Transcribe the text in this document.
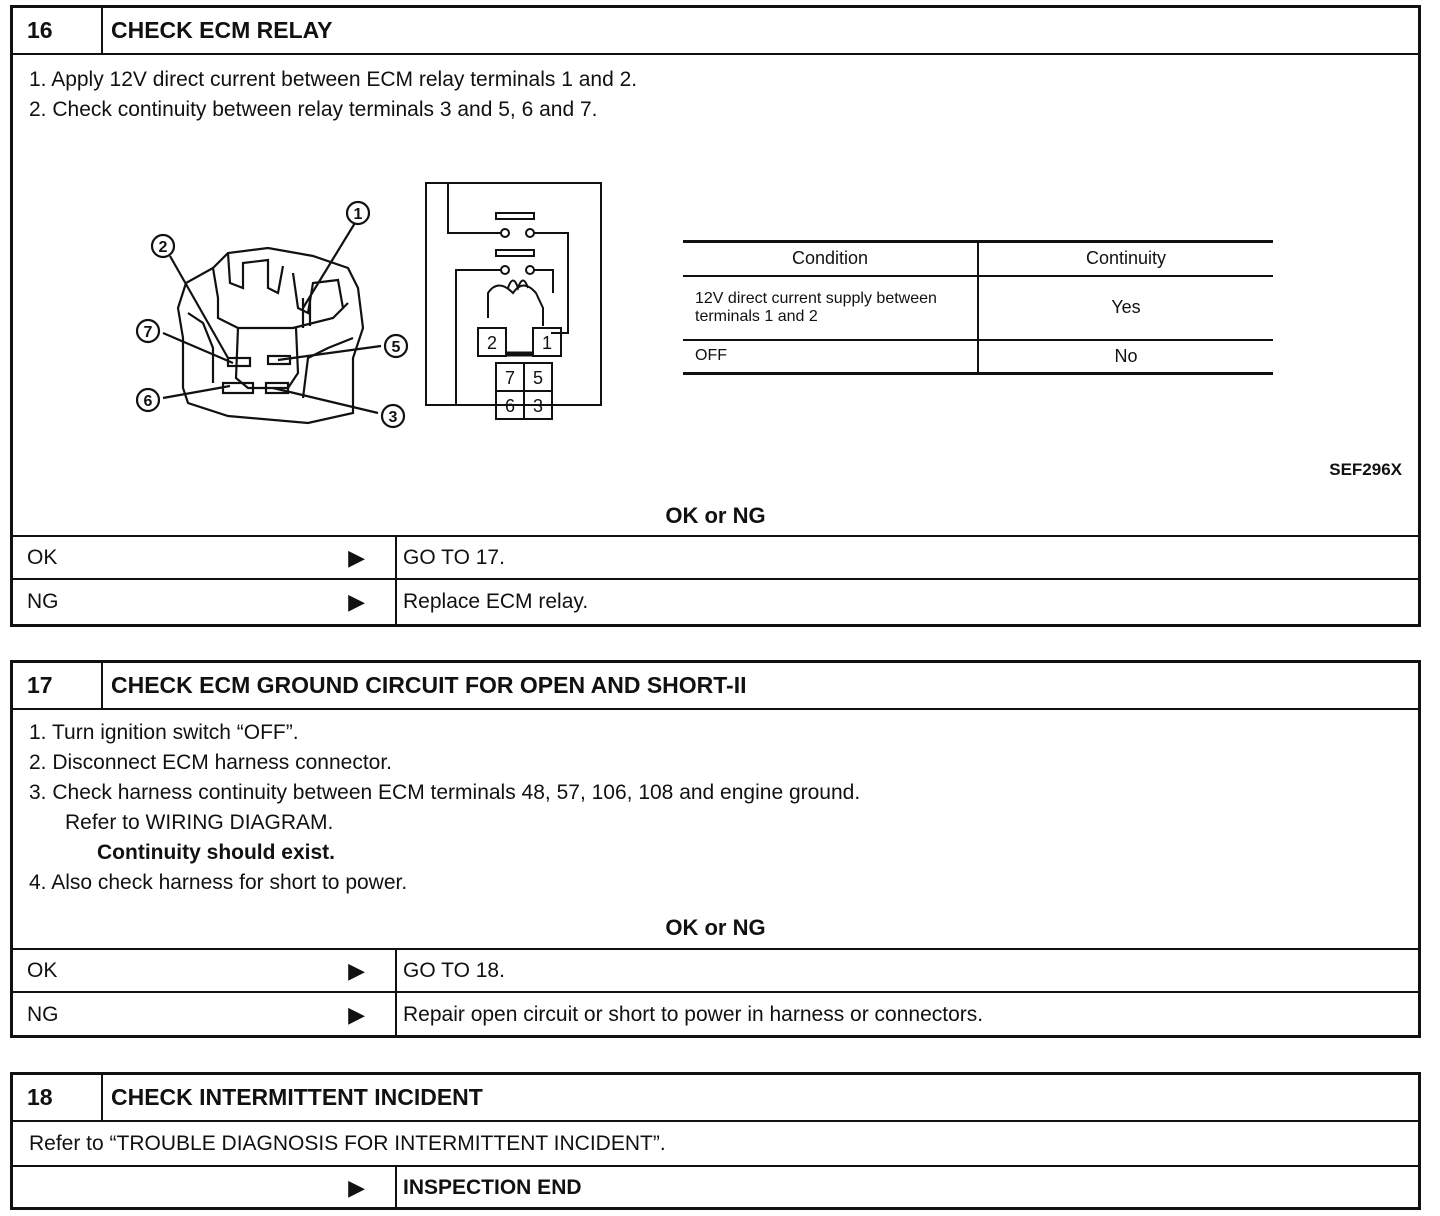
16	CHECK ECM RELAY
1. Apply 12V direct current between ECM relay terminals 1 and 2.
2. Check continuity between relay terminals 3 and 5, 6 and 7.
1
2
7
5
6
3
2 1
7 5
6 3
Condition	Continuity
12V direct current supply between terminals 1 and 2	Yes
OFF	No
SEF296X
OK or NG
OK	▶ GO TO 17.
NG	▶ Replace ECM relay.
17	CHECK ECM GROUND CIRCUIT FOR OPEN AND SHORT-II
1. Turn ignition switch “OFF”.
2. Disconnect ECM harness connector.
3. Check harness continuity between ECM terminals 48, 57, 106, 108 and engine ground.
Refer to WIRING DIAGRAM.
Continuity should exist.
4. Also check harness for short to power.
OK or NG
OK	▶ GO TO 18.
NG	▶ Repair open circuit or short to power in harness or connectors.
18	CHECK INTERMITTENT INCIDENT
Refer to “TROUBLE DIAGNOSIS FOR INTERMITTENT INCIDENT”.
▶ INSPECTION END
